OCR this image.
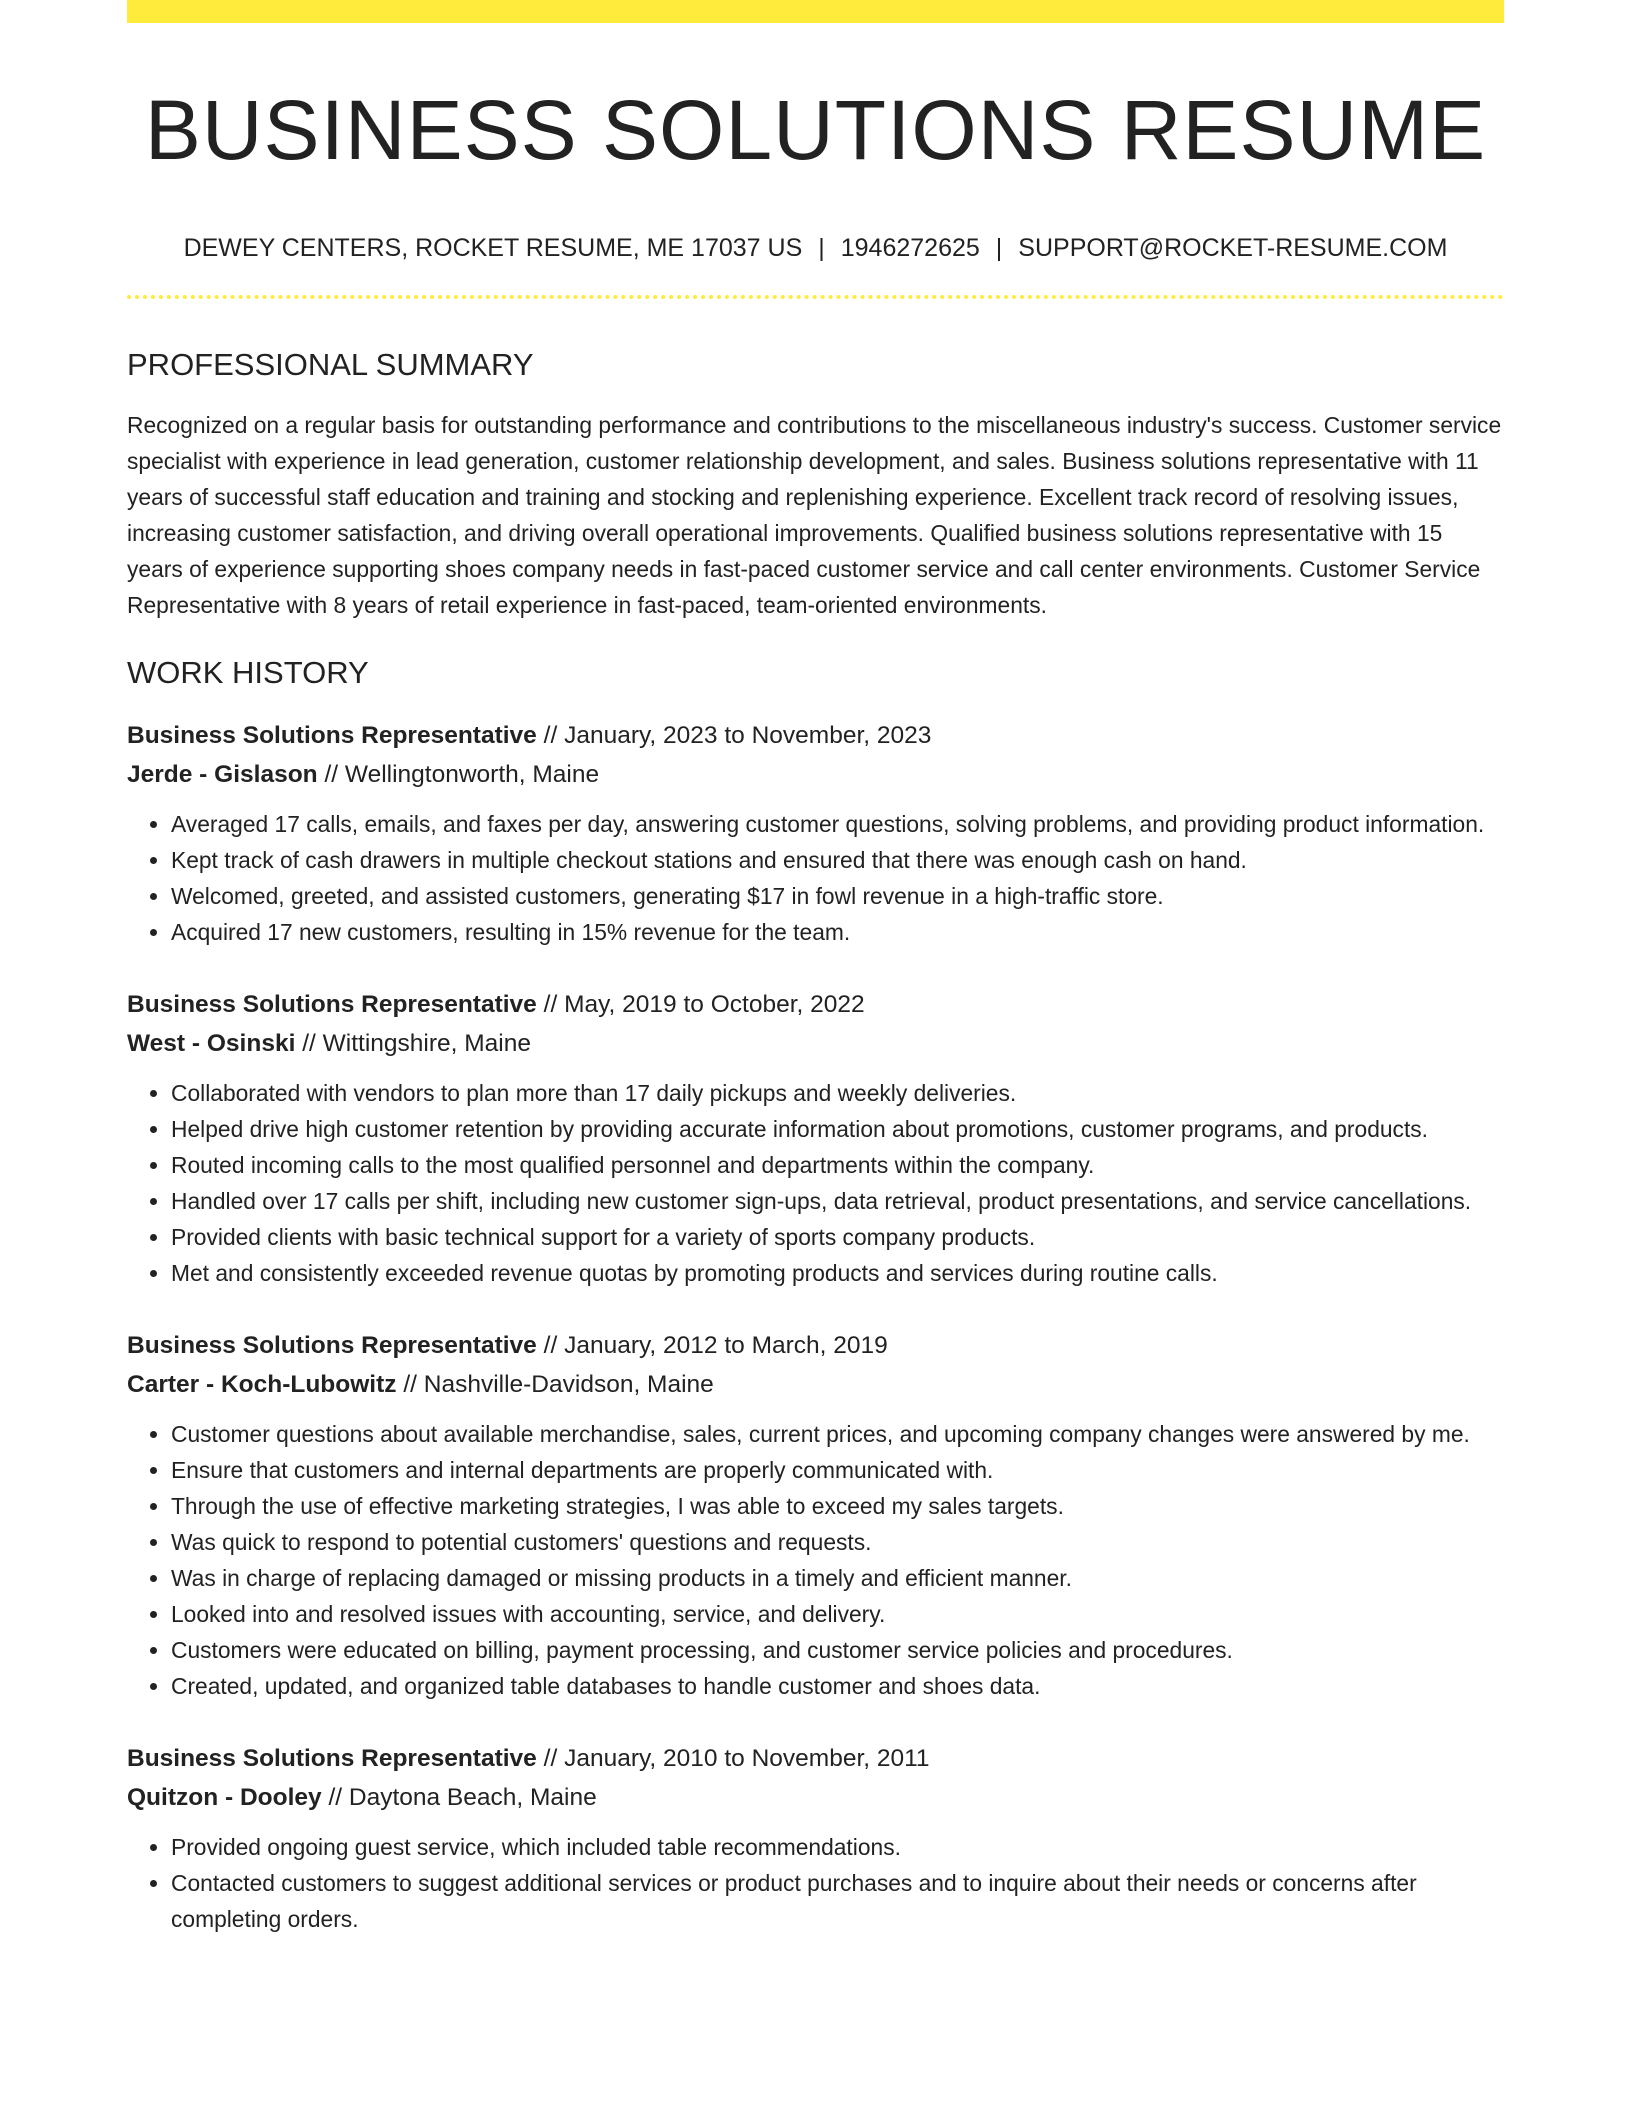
BUSINESS SOLUTIONS RESUME
DEWEY CENTERS, ROCKET RESUME, ME 17037 US | 1946272625 | SUPPORT@ROCKET-RESUME.COM
PROFESSIONAL SUMMARY

Recognized on a regular basis for outstanding performance and contributions to the miscellaneous industry's success. Customer service specialist with experience in lead generation, customer relationship development, and sales. Business solutions representative with 11 years of successful staff education and training and stocking and replenishing experience. Excellent track record of resolving issues, increasing customer satisfaction, and driving overall operational improvements. Qualified business solutions representative with 15 years of experience supporting shoes company needs in fast-paced customer service and call center environments. Customer Service Representative with 8 years of retail experience in fast-paced, team-oriented environments.

WORK HISTORY
Business Solutions Representative // January, 2023 to November, 2023
Jerde - Gislason // Wellingtonworth, Maine
• Averaged 17 calls, emails, and faxes per day, answering customer questions, solving problems, and providing product information.
• Kept track of cash drawers in multiple checkout stations and ensured that there was enough cash on hand.
• Welcomed, greeted, and assisted customers, generating $17 in fowl revenue in a high-traffic store.
• Acquired 17 new customers, resulting in 15% revenue for the team.
Business Solutions Representative // May, 2019 to October, 2022
West - Osinski // Wittingshire, Maine
• Collaborated with vendors to plan more than 17 daily pickups and weekly deliveries.
• Helped drive high customer retention by providing accurate information about promotions, customer programs, and products.
• Routed incoming calls to the most qualified personnel and departments within the company.
• Handled over 17 calls per shift, including new customer sign-ups, data retrieval, product presentations, and service cancellations.
• Provided clients with basic technical support for a variety of sports company products.
• Met and consistently exceeded revenue quotas by promoting products and services during routine calls.
Business Solutions Representative // January, 2012 to March, 2019
Carter - Koch-Lubowitz // Nashville-Davidson, Maine
• Customer questions about available merchandise, sales, current prices, and upcoming company changes were answered by me.
• Ensure that customers and internal departments are properly communicated with.
• Through the use of effective marketing strategies, I was able to exceed my sales targets.
• Was quick to respond to potential customers' questions and requests.
• Was in charge of replacing damaged or missing products in a timely and efficient manner.
• Looked into and resolved issues with accounting, service, and delivery.
• Customers were educated on billing, payment processing, and customer service policies and procedures.
• Created, updated, and organized table databases to handle customer and shoes data.
Business Solutions Representative // January, 2010 to November, 2011
Quitzon - Dooley // Daytona Beach, Maine
• Provided ongoing guest service, which included table recommendations.
• Contacted customers to suggest additional services or product purchases and to inquire about their needs or concerns after completing orders.
